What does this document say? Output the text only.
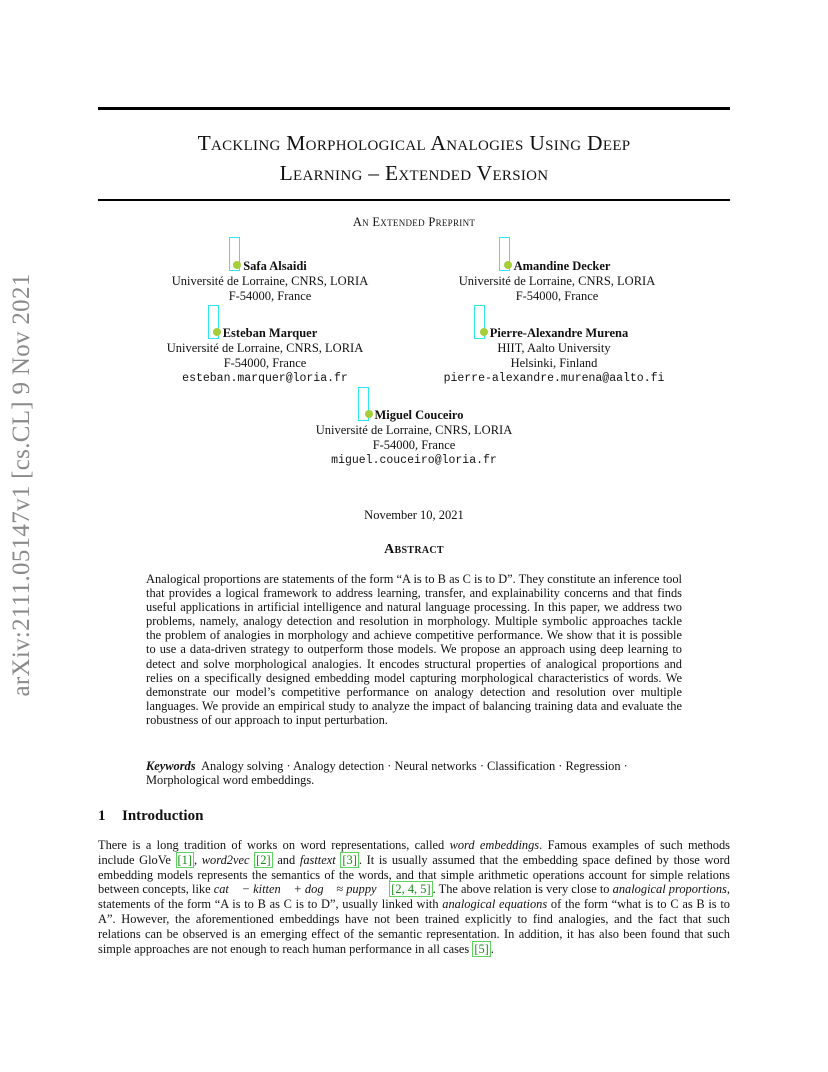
arXiv:2111.05147v1 [cs.CL] 9 Nov 2021
Tackling Morphological Analogies Using Deep
Learning – Extended Version
An Extended Preprint
Safa Alsaidi
Université de Lorraine, CNRS, LORIA
F-54000, France
Amandine Decker
Université de Lorraine, CNRS, LORIA
F-54000, France
Esteban Marquer
Université de Lorraine, CNRS, LORIA
F-54000, France
esteban.marquer@loria.fr
Pierre-Alexandre Murena
HIIT, Aalto University
Helsinki, Finland
pierre-alexandre.murena@aalto.fi
Miguel Couceiro
Université de Lorraine, CNRS, LORIA
F-54000, France
miguel.couceiro@loria.fr
November 10, 2021
Abstract
Analogical proportions are statements of the form “A is to B as C is to D”. They constitute an inference tool that provides a logical framework to address learning, transfer, and explainability concerns and that finds useful applications in artificial intelligence and natural language processing. In this paper, we address two problems, namely, analogy detection and resolution in morphology. Multiple symbolic approaches tackle the problem of analogies in morphology and achieve competitive performance. We show that it is possible to use a data-driven strategy to outperform those models. We propose an approach using deep learning to detect and solve morphological analogies. It encodes structural properties of analogical proportions and relies on a specifically designed embedding model capturing morphological characteristics of words. We demonstrate our model’s competitive performance on analogy detection and resolution over multiple languages. We provide an empirical study to analyze the impact of balancing training data and evaluate the robustness of our approach to input perturbation.
Keywords Analogy solving · Analogy detection · Neural networks · Classification · Regression · Morphological word embeddings.
1 Introduction
There is a long tradition of works on word representations, called word embeddings. Famous examples of such methods include GloVe [1] , word2vec [2] and fasttext [3] . It is usually assumed that the embedding space defined by those word embedding models represents the semantics of the words, and that simple arithmetic operations account for simple relations between concepts, like cat⃗ − kitten⃗ + dog⃗ ≈ puppy⃗ [2, 4, 5] . The above relation is very close to analogical proportions, statements of the form “A is to B as C is to D”, usually linked with analogical equations of the form “what is to C as B is to A”. However, the aforementioned embeddings have not been trained explicitly to find analogies, and the fact that such relations can be observed is an emerging effect of the semantic representation. In addition, it has also been found that such simple approaches are not enough to reach human performance in all cases [5] .
